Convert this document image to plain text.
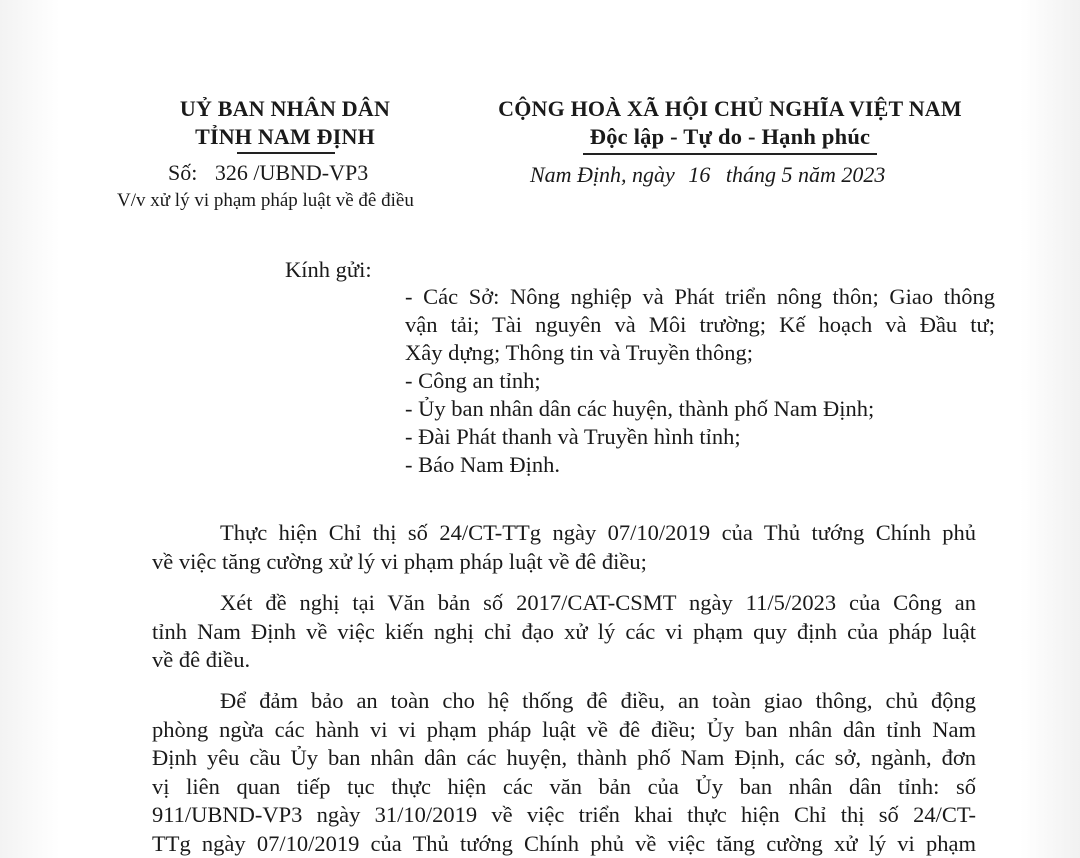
UỶ BAN NHÂN DÂN
TỈNH NAM ĐỊNH
Số: 326 /UBND-VP3
V/v xử lý vi phạm pháp luật về đê điều
CỘNG HOÀ XÃ HỘI CHỦ NGHĨA VIỆT NAM
Độc lập - Tự do - Hạnh phúc
Nam Định, ngày 16 tháng 5 năm 2023
Kính gửi:
- Các Sở: Nông nghiệp và Phát triển nông thôn; Giao thông
vận tải; Tài nguyên và Môi trường; Kế hoạch và Đầu tư;
Xây dựng; Thông tin và Truyền thông;
- Công an tỉnh;
- Ủy ban nhân dân các huyện, thành phố Nam Định;
- Đài Phát thanh và Truyền hình tỉnh;
- Báo Nam Định.
Thực hiện Chỉ thị số 24/CT-TTg ngày 07/10/2019 của Thủ tướng Chính phủ
về việc tăng cường xử lý vi phạm pháp luật về đê điều;
Xét đề nghị tại Văn bản số 2017/CAT-CSMT ngày 11/5/2023 của Công an
tỉnh Nam Định về việc kiến nghị chỉ đạo xử lý các vi phạm quy định của pháp luật
về đê điều.
Để đảm bảo an toàn cho hệ thống đê điều, an toàn giao thông, chủ động
phòng ngừa các hành vi vi phạm pháp luật về đê điều; Ủy ban nhân dân tỉnh Nam
Định yêu cầu Ủy ban nhân dân các huyện, thành phố Nam Định, các sở, ngành, đơn
vị liên quan tiếp tục thực hiện các văn bản của Ủy ban nhân dân tỉnh: số
911/UBND-VP3 ngày 31/10/2019 về việc triển khai thực hiện Chỉ thị số 24/CT-
TTg ngày 07/10/2019 của Thủ tướng Chính phủ về việc tăng cường xử lý vi phạm
